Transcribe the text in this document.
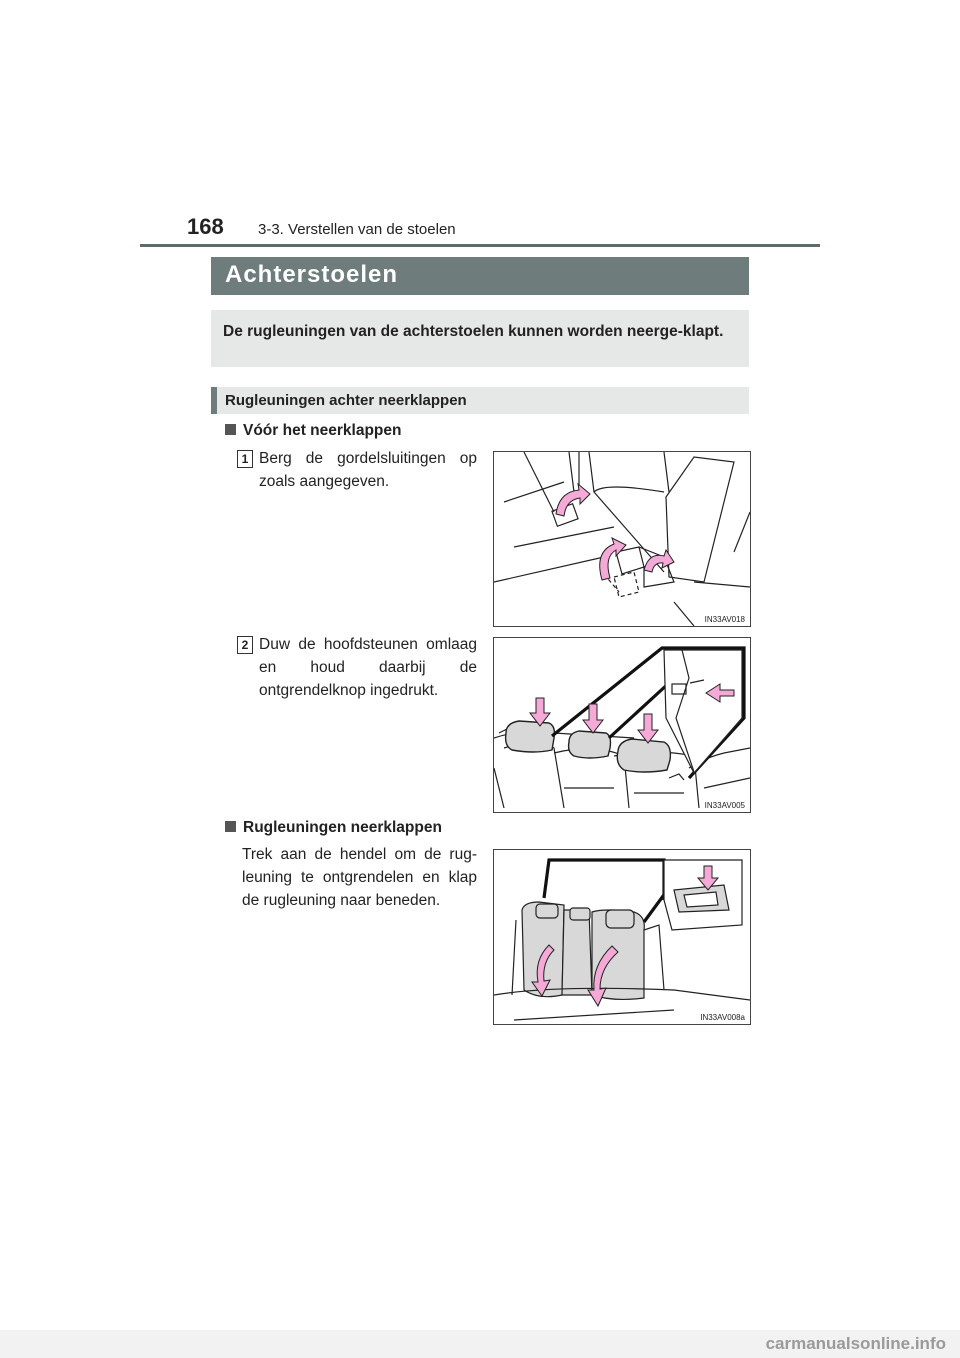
168 3-3. Verstellen van de stoelen
Achterstoelen
De rugleuningen van de achterstoelen kunnen worden neerge-klapt.
Rugleuningen achter neerklappen
Vóór het neerklappen
1 Berg de gordelsluitingen op zoals aangegeven.
IN33AV018
2 Duw de hoofdsteunen omlaag en houd daarbij de ontgrendelknop ingedrukt.
IN33AV005
Rugleuningen neerklappen
Trek aan de hendel om de rug-leuning te ontgrendelen en klap de rugleuning naar beneden.
IN33AV008a
carmanualsonline.info
